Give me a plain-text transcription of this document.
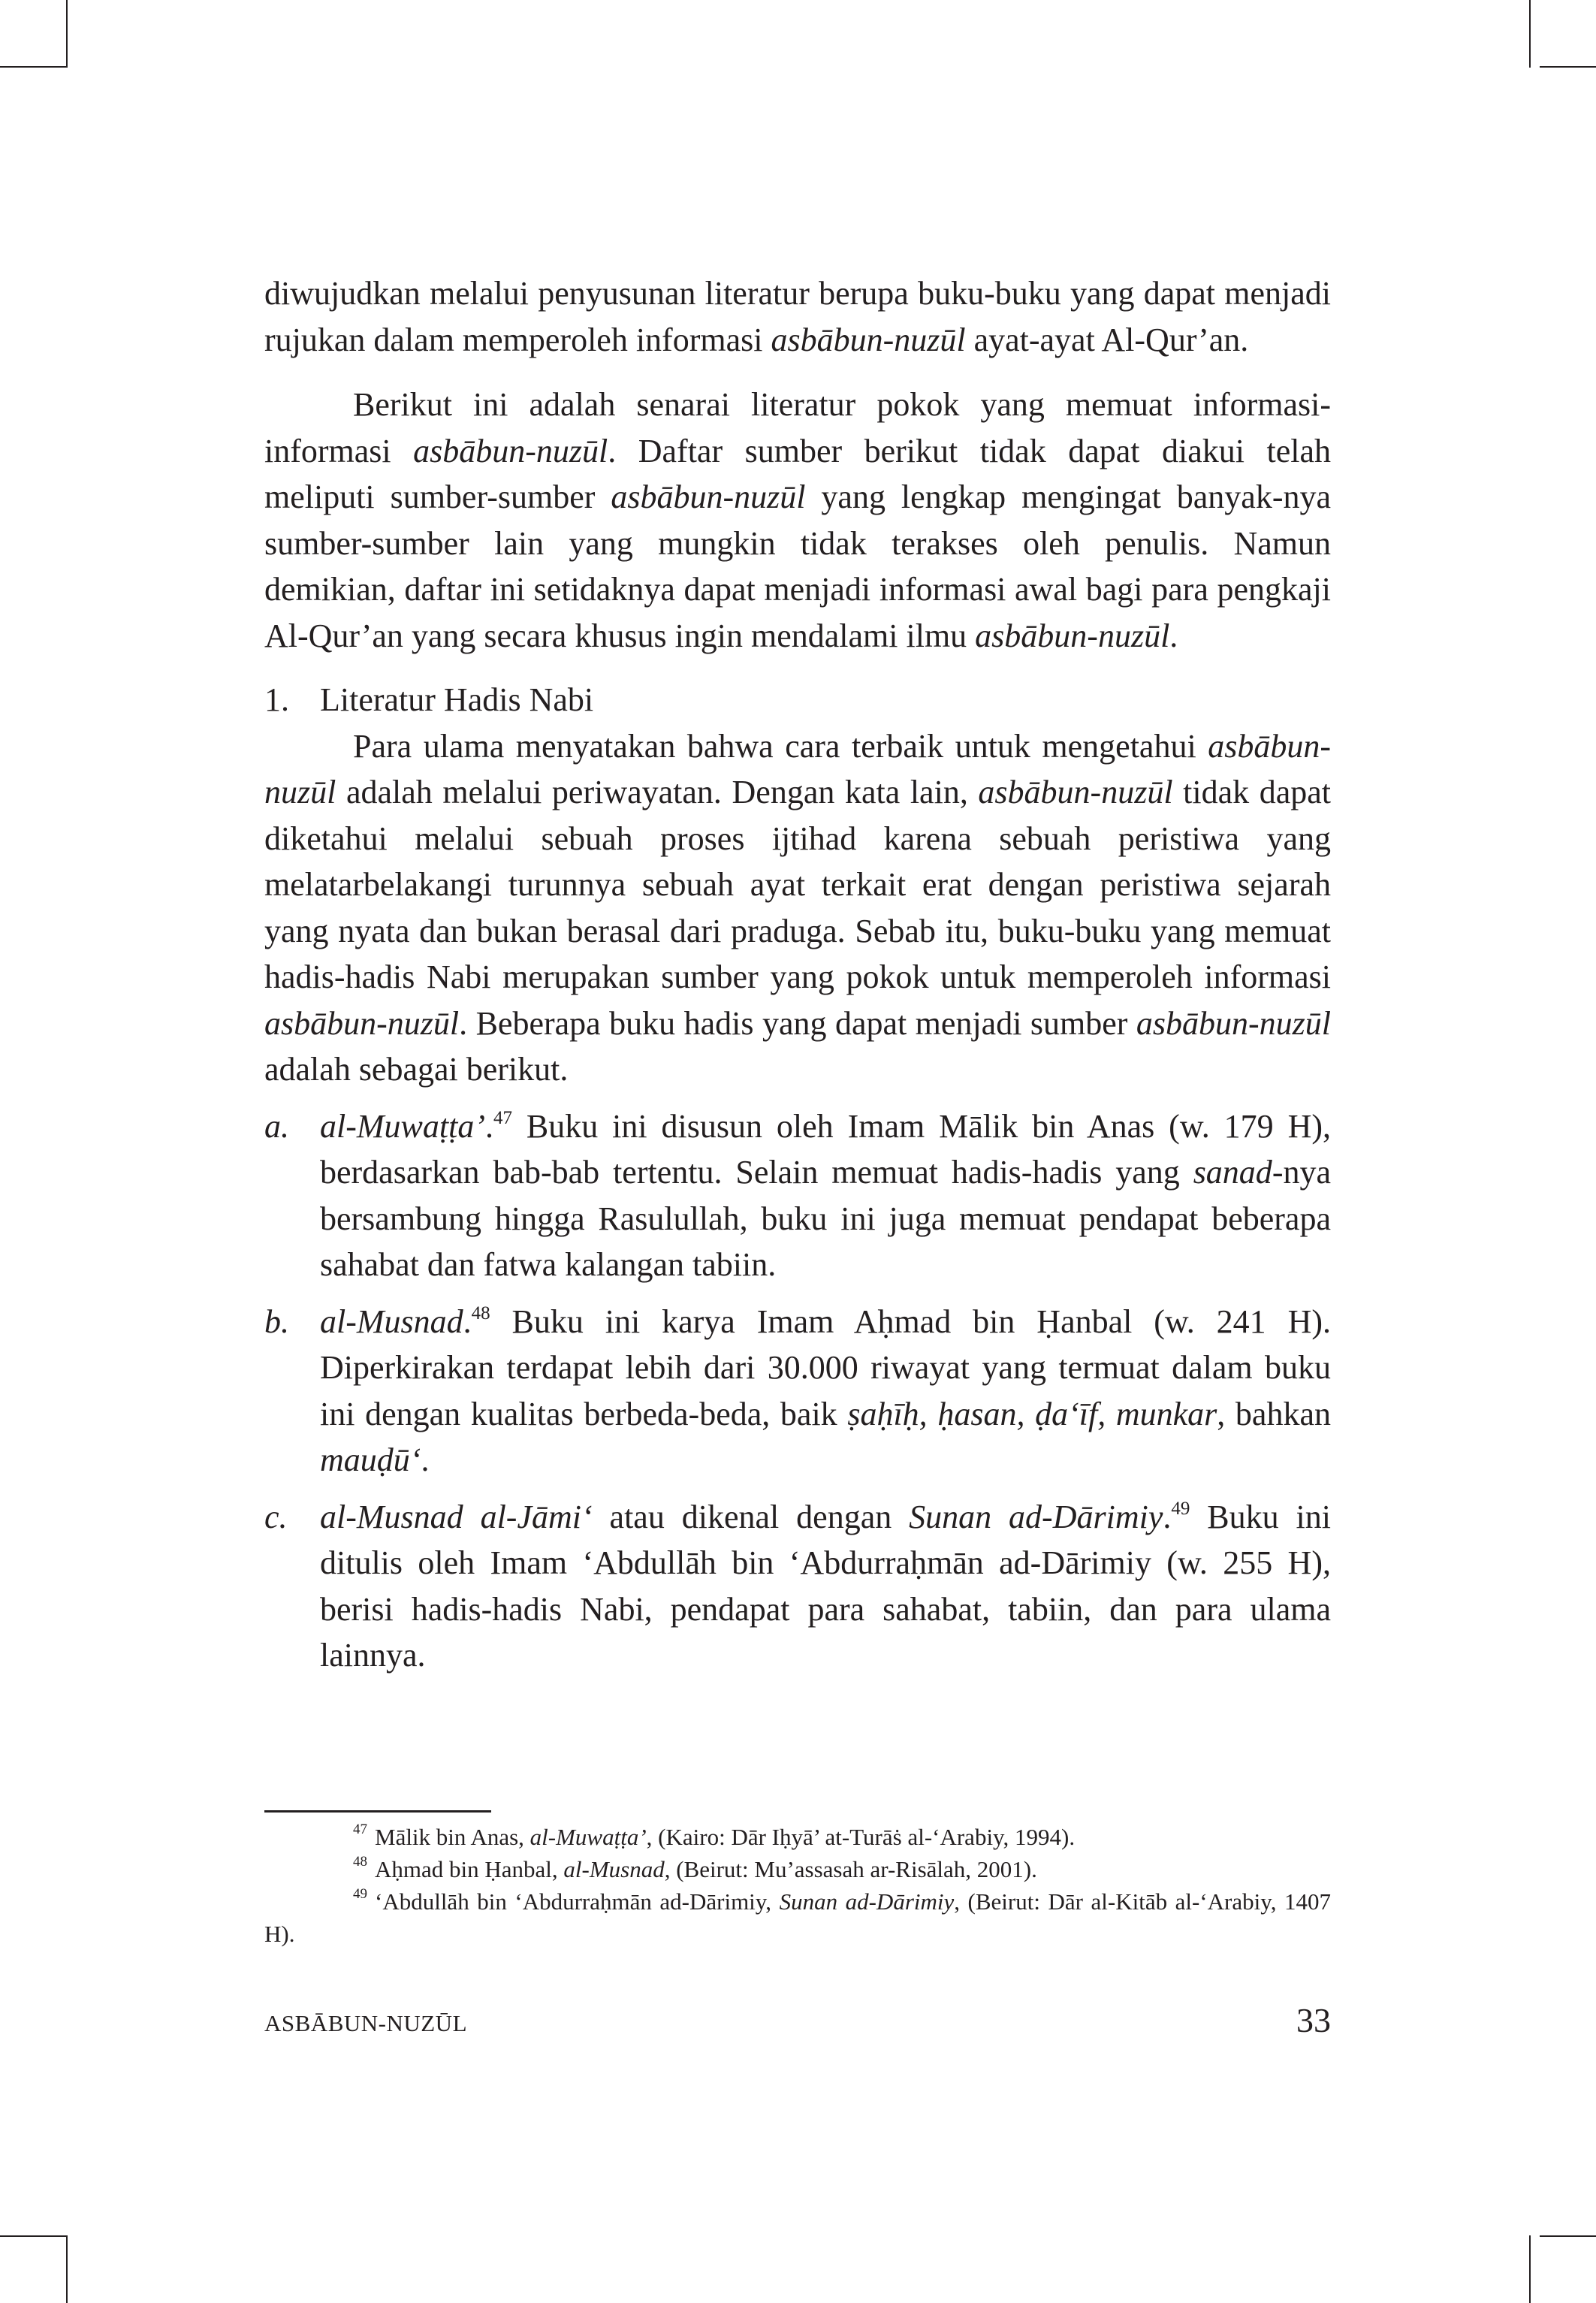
diwujudkan melalui penyusunan literatur berupa buku-buku yang dapat menjadi rujukan dalam memperoleh informasi asbābun-nuzūl ayat-ayat Al-Qur’an.

Berikut ini adalah senarai literatur pokok yang memuat informasi-informasi asbābun-nuzūl. Daftar sumber berikut tidak dapat diakui telah meliputi sumber-sumber asbābun-nuzūl yang lengkap mengingat banyak-nya sumber-sumber lain yang mungkin tidak terakses oleh penulis. Namun demikian, daftar ini setidaknya dapat menjadi informasi awal bagi para pengkaji Al-Qur’an yang secara khusus ingin mendalami ilmu asbābun-nuzūl.

1. Literatur Hadis Nabi

Para ulama menyatakan bahwa cara terbaik untuk mengetahui asbābun-nuzūl adalah melalui periwayatan. Dengan kata lain, asbābun-nuzūl tidak dapat diketahui melalui sebuah proses ijtihad karena sebuah peristiwa yang melatarbelakangi turunnya sebuah ayat terkait erat dengan peristiwa sejarah yang nyata dan bukan berasal dari praduga. Sebab itu, buku-buku yang memuat hadis-hadis Nabi merupakan sumber yang pokok untuk memperoleh informasi asbābun-nuzūl. Beberapa buku hadis yang dapat menjadi sumber asbābun-nuzūl adalah sebagai berikut.

a. al-Muwaṭṭa’.$^{47}$ Buku ini disusun oleh Imam Mālik bin Anas (w. 179 H), berdasarkan bab-bab tertentu. Selain memuat hadis-hadis yang sanad-nya bersambung hingga Rasulullah, buku ini juga memuat pendapat beberapa sahabat dan fatwa kalangan tabiin.

b. al-Musnad.$^{48}$ Buku ini karya Imam Aḥmad bin Ḥanbal (w. 241 H). Diperkirakan terdapat lebih dari 30.000 riwayat yang termuat dalam buku ini dengan kualitas berbeda-beda, baik ṣaḥīḥ, ḥasan, ḍa‘īf, munkar, bahkan mauḍū‘.

c. al-Musnad al-Jāmi‘ atau dikenal dengan Sunan ad-Dārimiy.$^{49}$ Buku ini ditulis oleh Imam ‘Abdullāh bin ‘Abdurraḥmān ad-Dārimiy (w. 255 H), berisi hadis-hadis Nabi, pendapat para sahabat, tabiin, dan para ulama lainnya.

$^{47}$ Mālik bin Anas, al-Muwaṭṭa’, (Kairo: Dār Iḥyā’ at-Turāṡ al-‘Arabiy, 1994).

$^{48}$ Aḥmad bin Ḥanbal, al-Musnad, (Beirut: Mu’assasah ar-Risālah, 2001).

$^{49}$ ‘Abdullāh bin ‘Abdurraḥmān ad-Dārimiy, Sunan ad-Dārimiy, (Beirut: Dār al-Kitāb al-‘Arabiy, 1407 H).

ASBĀBUN-NUZŪL	33
